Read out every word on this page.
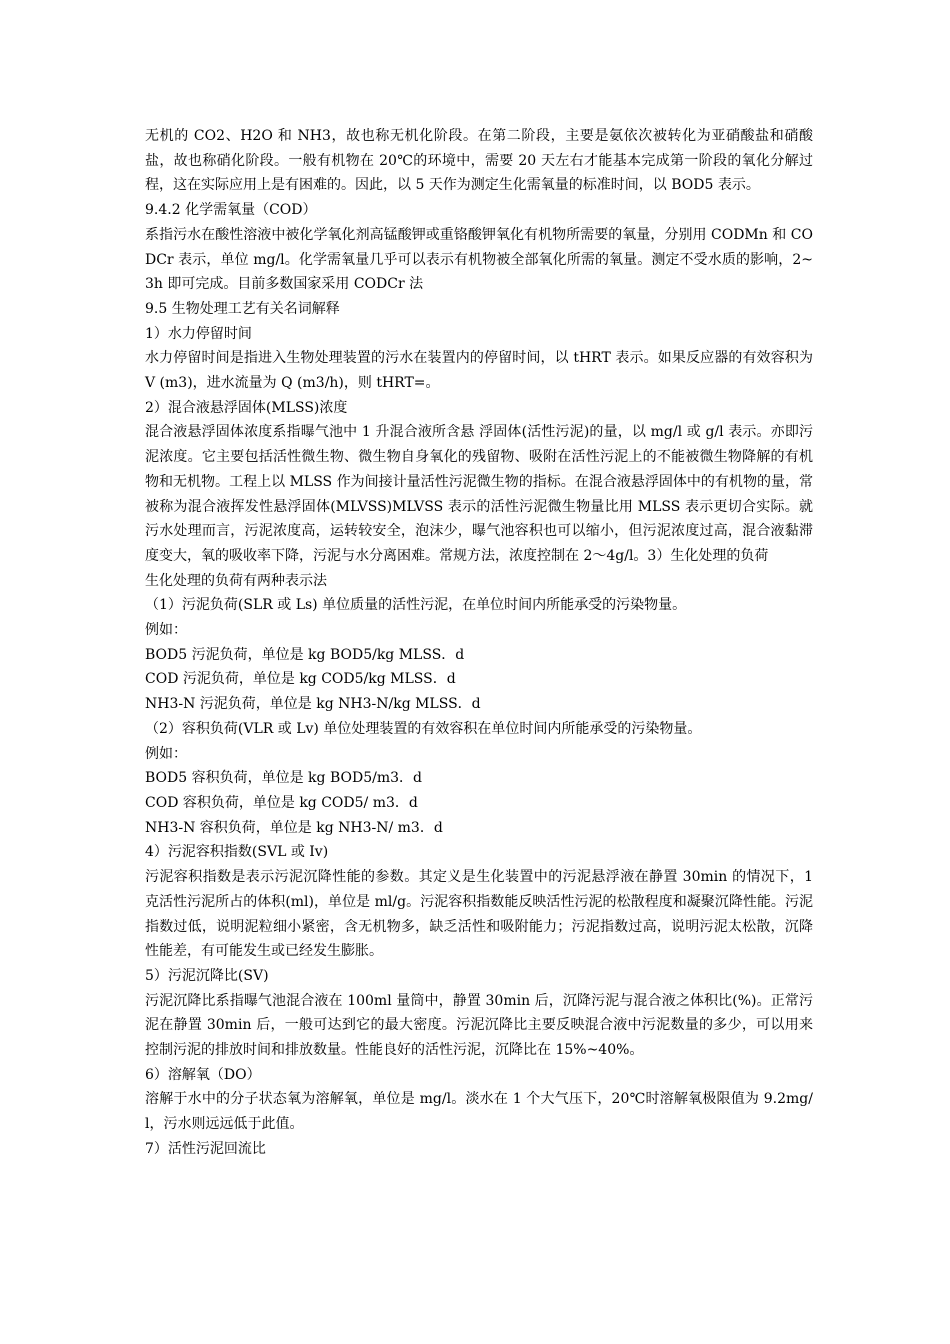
无机的 CO2、H2O 和 NH3，故也称无机化阶段。在第二阶段，主要是氨依次被转化为亚硝酸盐和硝酸盐，故也称硝化阶段。一般有机物在 20℃的环境中，需要 20 天左右才能基本完成第一阶段的氧化分解过程，这在实际应用上是有困难的。因此，以 5 天作为测定生化需氧量的标准时间，以 BOD5 表示。

9.4.2 化学需氧量（COD）

系指污水在酸性溶液中被化学氧化剂高锰酸钾或重铬酸钾氧化有机物所需要的氧量，分别用 CODMn 和 CODCr 表示，单位 mg/l。化学需氧量几乎可以表示有机物被全部氧化所需的氧量。测定不受水质的影响，2~3h 即可完成。目前多数国家采用 CODCr 法

9.5 生物处理工艺有关名词解释

1）水力停留时间

水力停留时间是指进入生物处理装置的污水在装置内的停留时间，以 tHRT 表示。如果反应器的有效容积为 V (m3)，进水流量为 Q (m3/h)，则 tHRT=。

2）混合液悬浮固体(MLSS)浓度

混合液悬浮固体浓度系指曝气池中 1 升混合液所含悬 浮固体(活性污泥)的量，以 mg/l 或 g/l 表示。亦即污泥浓度。它主要包括活性微生物、微生物自身氧化的残留物、吸附在活性污泥上的不能被微生物降解的有机物和无机物。工程上以 MLSS 作为间接计量活性污泥微生物的指标。在混合液悬浮固体中的有机物的量，常被称为混合液挥发性悬浮固体(MLVSS)MLVSS 表示的活性污泥微生物量比用 MLSS 表示更切合实际。就污水处理而言，污泥浓度高，运转较安全，泡沫少，曝气池容积也可以缩小，但污泥浓度过高，混合液黏滞度变大，氧的吸收率下降，污泥与水分离困难。常规方法，浓度控制在 2～4g/l。3）生化处理的负荷

生化处理的负荷有两种表示法

（1）污泥负荷(SLR 或 Ls) 单位质量的活性污泥，在单位时间内所能承受的污染物量。

例如：

BOD5 污泥负荷，单位是 kg BOD5/kg MLSS．d

COD 污泥负荷，单位是 kg COD5/kg MLSS．d

NH3-N 污泥负荷，单位是 kg NH3-N/kg MLSS．d

（2）容积负荷(VLR 或 Lv) 单位处理装置的有效容积在单位时间内所能承受的污染物量。

例如：

BOD5 容积负荷，单位是 kg BOD5/m3．d

COD 容积负荷，单位是 kg COD5/ m3．d

NH3-N 容积负荷，单位是 kg NH3-N/ m3．d

4）污泥容积指数(SVL 或 Iv)

污泥容积指数是表示污泥沉降性能的参数。其定义是生化装置中的污泥悬浮液在静置 30min 的情况下，1 克活性污泥所占的体积(ml)，单位是 ml/g。污泥容积指数能反映活性污泥的松散程度和凝聚沉降性能。污泥指数过低，说明泥粒细小紧密，含无机物多，缺乏活性和吸附能力；污泥指数过高，说明污泥太松散，沉降性能差，有可能发生或已经发生膨胀。

5）污泥沉降比(SV)

污泥沉降比系指曝气池混合液在 100ml 量筒中，静置 30min 后，沉降污泥与混合液之体积比(%)。正常污泥在静置 30min 后，一般可达到它的最大密度。污泥沉降比主要反映混合液中污泥数量的多少，可以用来控制污泥的排放时间和排放数量。性能良好的活性污泥，沉降比在 15%~40%。

6）溶解氧（DO）

溶解于水中的分子状态氧为溶解氧，单位是 mg/l。淡水在 1 个大气压下，20℃时溶解氧极限值为 9.2mg/l，污水则远远低于此值。

7）活性污泥回流比
